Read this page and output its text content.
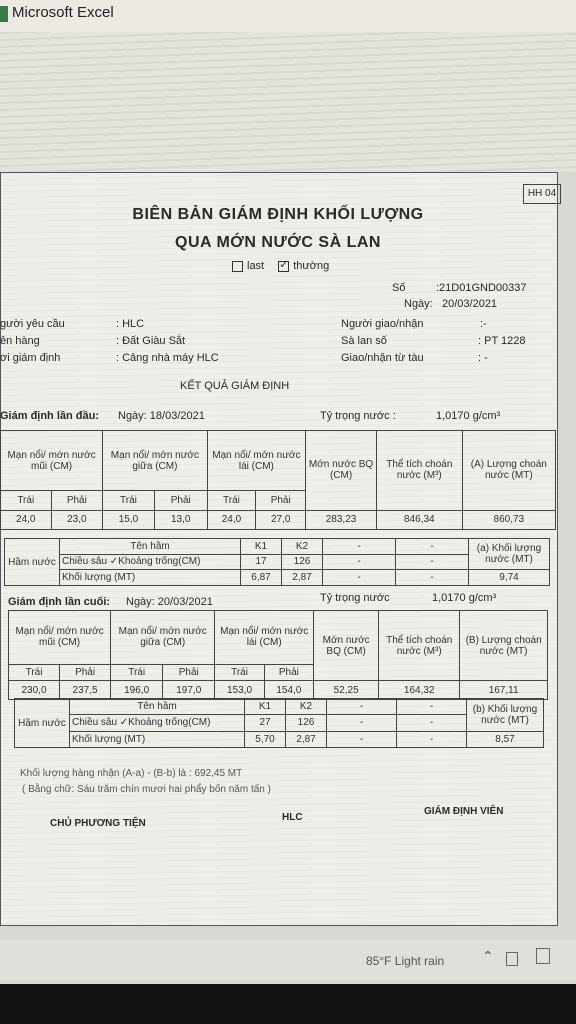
Microsoft Excel
HH 04
BIÊN BẢN GIÁM ĐỊNH KHỐI LƯỢNG
QUA MỚN NƯỚC SÀ LAN
last ✓	thường
Số	:21D01GND00337
Ngày: 20/03/2021
gười yêu cầu	: HLC
ên hàng	: Đất Giàu Sắt
ơi giám định	: Cảng nhà máy HLC
Người giao/nhận	:-
Sà lan số	: PT 1228
Giao/nhận từ tàu	: -
KẾT QUẢ GIÁM ĐỊNH
Giám định lần đầu: Ngày: 18/03/2021	Tỷ trọng nước :	1,0170 g/cm³
Mạn nổi/ mớn nước mũi (CM)		Mạn nổi/ mớn nước giữa (CM)		Mạn nổi/ mớn nước lái (CM)		Mớn nước BQ (CM)	Thể tích choán nước (M³)	(A) Lượng choán nước (MT)
Trái	Phải	Trái	Phải	Trái	Phải			
24,0	23,0	15,0	13,0	24,0	27,0	283,23	846,34	860,73
Hầm nước	Tên hầm	K1	K2	-	-	(a) Khối lượng nước (MT)
	Chiều sâu ✓Khoảng trống(CM)	17	126	-	-	
	Khối lượng (MT)	6,87	2,87	-	-	9,74
Giám định lần cuối: Ngày: 20/03/2021	Tỷ trọng nước	1,0170 g/cm³
Mạn nổi/ mớn nước mũi (CM)		Mạn nổi/ mớn nước giữa (CM)		Mạn nổi/ mớn nước lái (CM)		Mớn nước BQ (CM)	Thể tích choán nước (M³)	(B) Lượng choán nước (MT)
Trái	Phải	Trái	Phải	Trái	Phải			
230,0	237,5	196,0	197,0	153,0	154,0	52,25	164,32	167,11
Hầm nước	Tên hầm	K1	K2	-	-	(b) Khối lượng nước (MT)
	Chiều sâu ✓Khoảng trống(CM)	27	126	-	-	
	Khối lượng (MT)	5,70	2,87	-	-	8,57
Khối lượng hàng nhận (A-a) - (B-b) là : 692,45 MT
( Bằng chữ: Sáu trăm chín mươi hai phẩy bốn năm tấn )
CHỦ PHƯƠNG TIỆN
HLC
GIÁM ĐỊNH VIÊN
85°F Light rain	⌃
